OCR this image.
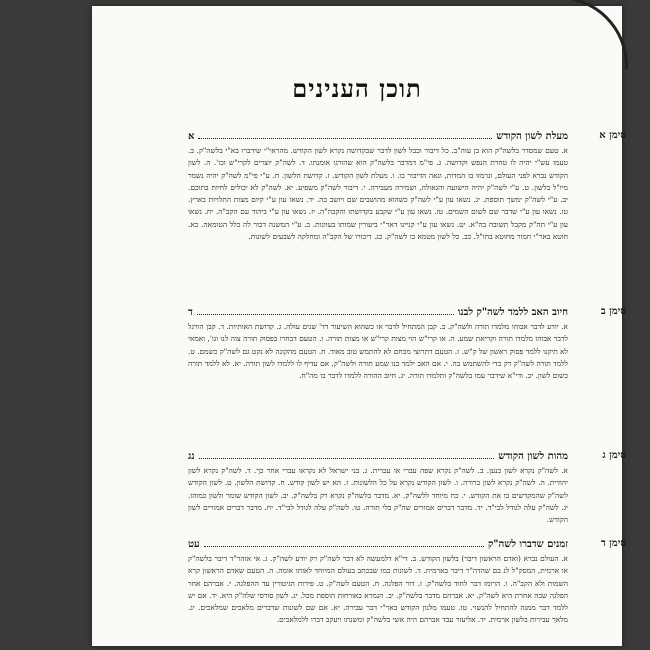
תוכן הענינים
סימן א
מעלת לשון הקודש
א
א. טעם שמסדר בלשה"ק הוא בן עוה"ב. כל דיבור וכבל לשון לדבר שבקדושה נקרא לשון הקודש. מהראי"י שידברו בא"י בלשה"ק. ב. טעמו עש"י יהיה לו טהרת הנפש וקדושה. ג. פי"מ דמדבר בלשה"ק הוא שהורגו אומנתו. ד. לשה"ק יוצרים לקרי"ש וכו'. ה. לשון הקודש נברא לפני העולם, ונרמזו בו המדות, ונאה הדיבור בו. ו. מעלת לשון הקודש. ז. קדושת הלשון. ח. ע"י פי"מ לשה"ק יהיה נשמר מיו"ל בלשון. ט. ע"י לשה"ק יהיה הישועה והגאולה, ושמירה מעבירה. י. דיבור לשה"ק משפיע. יא. לשה"ק לא יכולים לחיות בתוכם. יב. ע"י לשה"ק ימשך תוספת. יג. נשאו עון ע"י לשה"ק כשהוא מהושבים שם ויושב בה. יד. נשאו עון ע"י קיום מצות התלויות בארץ. טו. נשאו עון ע"י שדבר שם לשום השמים. טז. נשאו עון ע"י שקבע בקדושתו והקבה"ה. יז. נשאו עון ע"י ביהוד עם הקב"ה. יח. נשאו עון ע"י תה"ק מקבל תשובה בה"א. יט. נשאו עון ע"י קניינו דאר"י ביעורין שמותו בעוונות. כ. ע"י המשנה דבור לה כלל הטומאה. כא. חוטא באר"י חמור מחוטא בחו"ל. כב. כל לשון מטמא בו לשה"ק. כג. דיבורו של הקב"ה ומחלקה לשבעים לשונות.
סימן ב
חיוב האב ללמד לשה"ק לבנו
ד
א. יודע לדבר אבוהו מלמדו תורה ולשה"ק. ב. קבן המתחיל לדבר או כשהוא השיעור דד' שנים עולה. ג. קדושת האותיות. ד. קבן הורגל לדבר אבוהו מלמדו תורה וקריאת שמע. ה. או קרי"ש הוי מצות קרי"ש או מצות תורה. ו. הטעם דבחרו בפסוק תורה צוה לנו וגו', ואמאי לא תיקנו ללמד פסוק ראשון של ק"ש. ז. הטעם דתרוצי מכחם לא להתמש טוב מאוד. ח. הטעם מהקונה לא נקט גם לשה"ק כשמם. ט. ללמד תורה לשה"ק רק כדי להשתמש בה. י. אם האב ילמד בנו שמע תורה ולשה"ק, אם עדיף לו ללמדו לשון תורה. יא. לא ללמד תורה כשום לשון. יב. ודי"א שידבר עמו בלשה"ק ותלמדו תורה. יג. חיוב ההורה ללמדו לדבר בו מה"ח.
סימן ג
מהות לשון הקודש
נג
א. לשה"ק נקרא לשון כנען. ב. לשה"ק נקרא שפה עברי או עברית. ג. בני ישראל לא נקראו עברי אחר כך. ד. לשה"ק נקרא לשון יהודית. ה. לשה"ק נקרא לשון ברורה. ו. לשון הקודש נקרא על כל הלשונות. ז. הא יש לשון קודש. ח. קדושת הלשון. ט. לשון הקודש לשה"ק שהמקדשים בו את הקודש. י. כח מיוחד ללשה"ק. יא. מדבר בלשה"ק נקרא רק בלשה"ק. יב. לשון הקודש שומר ולשון כמוהו. יג. לשה"ק עלה לגודל לבי"ד. יד. מדבר דברים אמורים שה"ק בלי תורה. טו. לשה"ק עלה לגודל לבי"ד. יח. מדבר דברים אמורים לשון הקודש.
סימן ד
זמנים שדברו לשה"ק
עט
א. העולם נברא (ואדם הראשון דיבר) בלשון הקודש. ב. די"א דלמעשה לא דבר לשה"ק רק יודע לשה"ק. ג. אי אזהר"ד דיבר בלשה"ק או ארמית, המסק"ל לנ בם שהדה"ר דיבר בארמית. ד. לשונות כמו שבכתב בעולם המיוחד לאותו אומה. ה. הטעם שאדם הראשון קרא השמות ולא הקב"ה. ו. הרומז דבר לחוד בלשה"ק. ז. דור הפלגה. ח. הטעם לשה"ק. ט. פירות הגיטורין עד ההפלגה. י. אברהם אחר הפלגה שבה אחרת היא לשה"ק. יא. אברהם מדבר בלשה"ק. יב. הגמרא באורחות הוספת מכל. יג. לשון סורסי שלה"ק היא. יד. אם יש ללמד דבר ממנה להתחיל להנשוי. טו. טעמו מלנון הקודש באר"י דבר עבירה. יא. אם שם לשונות שדברים מלאכים שמלאכים. יג. מלאך עבירות בלשון ארמית. יד. אליעזר עבד אברהם היה אשי בלשה"ק ומשנתו ויעקב דברו ללמלאכים.
